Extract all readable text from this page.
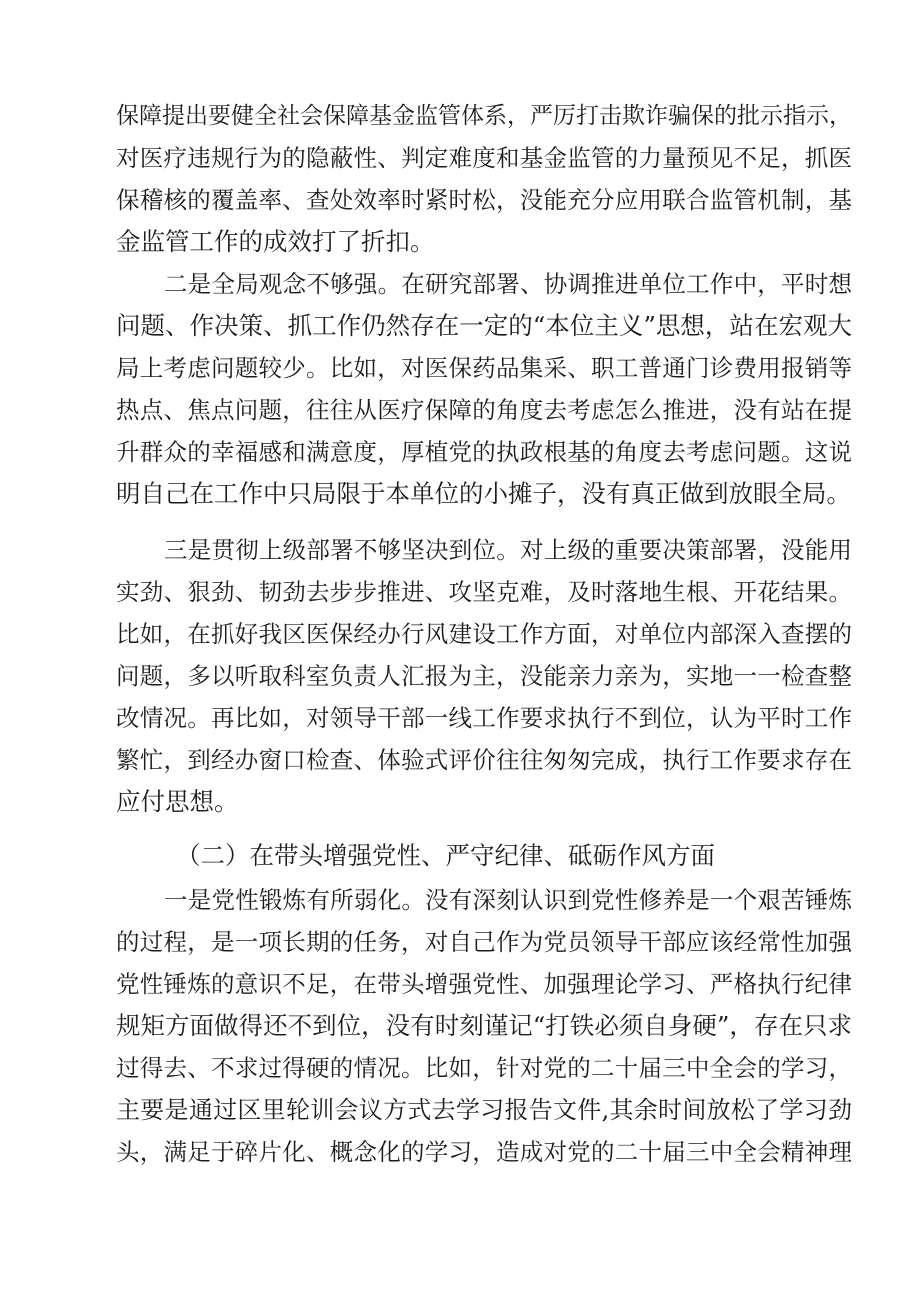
保障提出要健全社会保障基金监管体系，严厉打击欺诈骗保的批示指示，

对医疗违规行为的隐蔽性、判定难度和基金监管的力量预见不足，抓医

保稽核的覆盖率、查处效率时紧时松，没能充分应用联合监管机制，基

金监管工作的成效打了折扣。

二是全局观念不够强。在研究部署、协调推进单位工作中，平时想

问题、作决策、抓工作仍然存在一定的“本位主义”思想，站在宏观大

局上考虑问题较少。比如，对医保药品集采、职工普通门诊费用报销等

热点、焦点问题，往往从医疗保障的角度去考虑怎么推进，没有站在提

升群众的幸福感和满意度，厚植党的执政根基的角度去考虑问题。这说

明自己在工作中只局限于本单位的小摊子，没有真正做到放眼全局。

三是贯彻上级部署不够坚决到位。对上级的重要决策部署，没能用

实劲、狠劲、韧劲去步步推进、攻坚克难，及时落地生根、开花结果。

比如，在抓好我区医保经办行风建设工作方面，对单位内部深入查摆的

问题，多以听取科室负责人汇报为主，没能亲力亲为，实地一一检查整

改情况。再比如，对领导干部一线工作要求执行不到位，认为平时工作

繁忙，到经办窗口检查、体验式评价往往匆匆完成，执行工作要求存在

应付思想。

（二）在带头增强党性、严守纪律、砥砺作风方面

一是党性锻炼有所弱化。没有深刻认识到党性修养是一个艰苦锤炼

的过程，是一项长期的任务，对自己作为党员领导干部应该经常性加强

党性锤炼的意识不足，在带头增强党性、加强理论学习、严格执行纪律

规矩方面做得还不到位，没有时刻谨记“打铁必须自身硬”，存在只求

过得去、不求过得硬的情况。比如，针对党的二十届三中全会的学习，

主要是通过区里轮训会议方式去学习报告文件,其余时间放松了学习劲

头，满足于碎片化、概念化的学习，造成对党的二十届三中全会精神理
